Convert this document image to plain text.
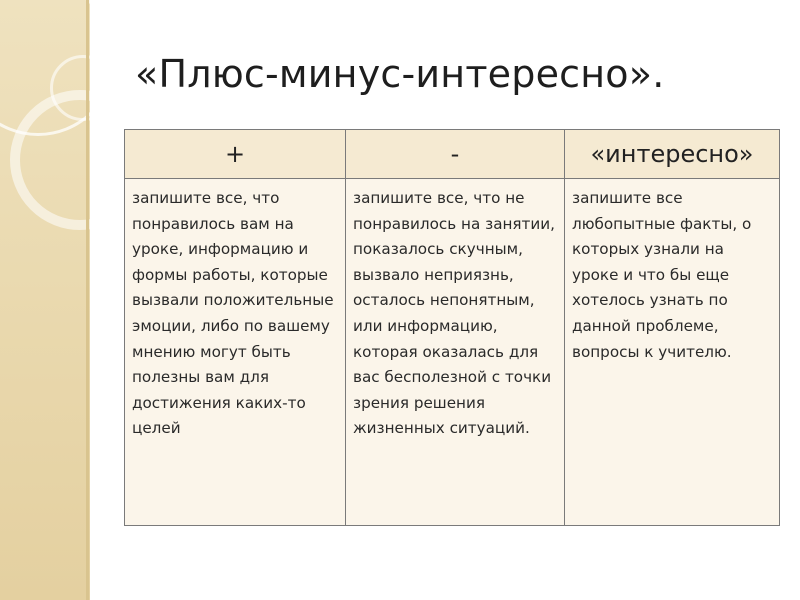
«Плюс-минус-интересно».
+	-	«интересно»
запишите все, что понравилось вам на уроке, информацию и формы работы, которые вызвали положительные эмоции, либо по вашему мнению могут быть полезны вам для достижения каких-то целей	запишите все, что не понравилось на занятии, показалось скучным, вызвало неприязнь, осталось непонятным, или информацию, которая оказалась для вас бесполезной с точки зрения решения жизненных ситуаций.	запишите все любопытные факты, о которых узнали на уроке и что бы еще хотелось узнать по данной проблеме, вопросы к учителю.
